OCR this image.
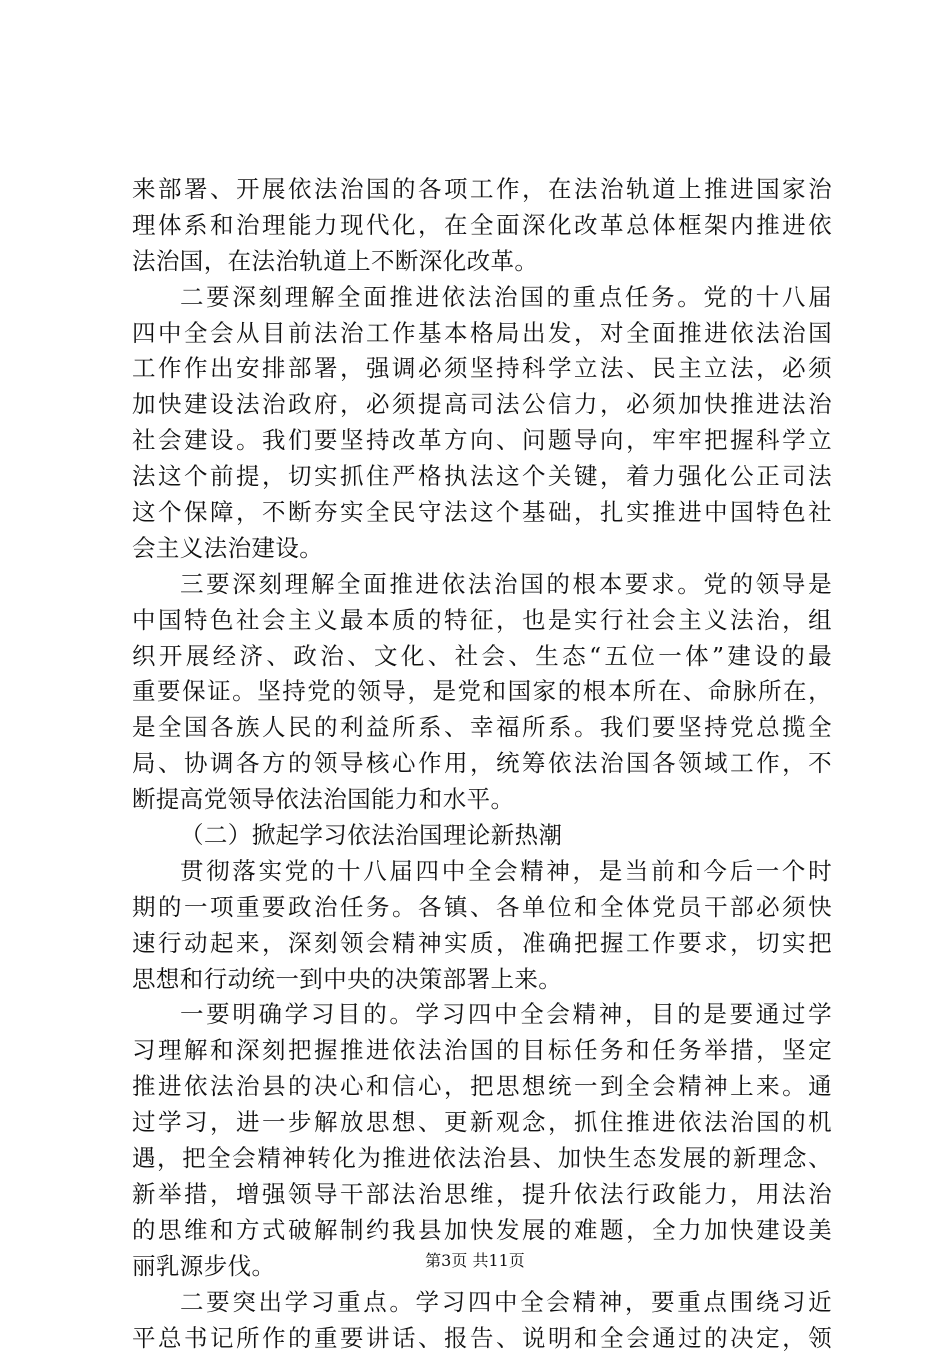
来部署、开展依法治国的各项工作，在法治轨道上推进国家治
理体系和治理能力现代化，在全面深化改革总体框架内推进依
法治国，在法治轨道上不断深化改革。
二要深刻理解全面推进依法治国的重点任务。党的十八届
四中全会从目前法治工作基本格局出发，对全面推进依法治国
工作作出安排部署，强调必须坚持科学立法、民主立法，必须
加快建设法治政府，必须提高司法公信力，必须加快推进法治
社会建设。我们要坚持改革方向、问题导向，牢牢把握科学立
法这个前提，切实抓住严格执法这个关键，着力强化公正司法
这个保障，不断夯实全民守法这个基础，扎实推进中国特色社
会主义法治建设。
三要深刻理解全面推进依法治国的根本要求。党的领导是
中国特色社会主义最本质的特征，也是实行社会主义法治，组
织开展经济、政治、文化、社会、生态“五位一体”建设的最
重要保证。坚持党的领导，是党和国家的根本所在、命脉所在，
是全国各族人民的利益所系、幸福所系。我们要坚持党总揽全
局、协调各方的领导核心作用，统筹依法治国各领域工作，不
断提高党领导依法治国能力和水平。
（二）掀起学习依法治国理论新热潮
贯彻落实党的十八届四中全会精神，是当前和今后一个时
期的一项重要政治任务。各镇、各单位和全体党员干部必须快
速行动起来，深刻领会精神实质，准确把握工作要求，切实把
思想和行动统一到中央的决策部署上来。
一要明确学习目的。学习四中全会精神，目的是要通过学
习理解和深刻把握推进依法治国的目标任务和任务举措，坚定
推进依法治县的决心和信心，把思想统一到全会精神上来。通
过学习，进一步解放思想、更新观念，抓住推进依法治国的机
遇，把全会精神转化为推进依法治县、加快生态发展的新理念、
新举措，增强领导干部法治思维，提升依法行政能力，用法治
的思维和方式破解制约我县加快发展的难题，全力加快建设美
丽乳源步伐。
二要突出学习重点。学习四中全会精神，要重点围绕习近
平总书记所作的重要讲话、报告、说明和全会通过的决定，领
第3页 共11页
